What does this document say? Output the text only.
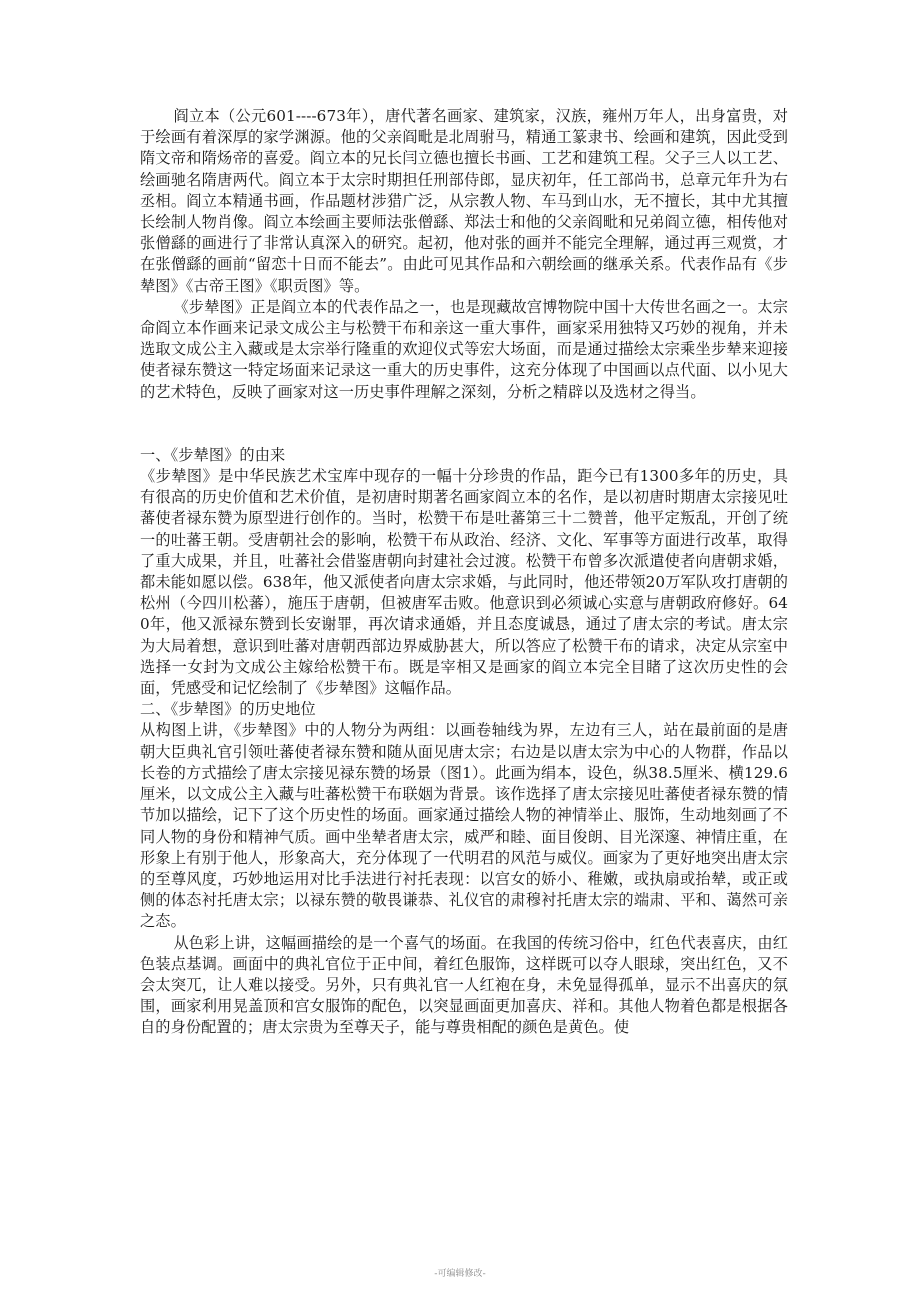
阎立本（公元601----673年），唐代著名画家、建筑家，汉族，雍州万年人，出身富贵，对于绘画有着深厚的家学渊源。他的父亲阎毗是北周驸马，精通工篆隶书、绘画和建筑，因此受到隋文帝和隋炀帝的喜爱。阎立本的兄长闫立德也擅长书画、工艺和建筑工程。父子三人以工艺、绘画驰名隋唐两代。阎立本于太宗时期担任刑部侍郎，显庆初年，任工部尚书，总章元年升为右丞相。阎立本精通书画，作品题材涉猎广泛，从宗教人物、车马到山水，无不擅长，其中尤其擅长绘制人物肖像。阎立本绘画主要师法张僧繇、郑法士和他的父亲阎毗和兄弟阎立德，相传他对张僧繇的画进行了非常认真深入的研究。起初，他对张的画并不能完全理解，通过再三观赏，才在张僧繇的画前“留恋十日而不能去”。由此可见其作品和六朝绘画的继承关系。代表作品有《步辇图》《古帝王图》《职贡图》等。

《步辇图》正是阎立本的代表作品之一，也是现藏故宫博物院中国十大传世名画之一。太宗命阎立本作画来记录文成公主与松赞干布和亲这一重大事件，画家采用独特又巧妙的视角，并未选取文成公主入藏或是太宗举行隆重的欢迎仪式等宏大场面，而是通过描绘太宗乘坐步辇来迎接使者禄东赞这一特定场面来记录这一重大的历史事件，这充分体现了中国画以点代面、以小见大的艺术特色，反映了画家对这一历史事件理解之深刻，分析之精辟以及选材之得当。

一、《步辇图》的由来

《步辇图》是中华民族艺术宝库中现存的一幅十分珍贵的作品，距今已有1300多年的历史，具有很高的历史价值和艺术价值，是初唐时期著名画家阎立本的名作，是以初唐时期唐太宗接见吐蕃使者禄东赞为原型进行创作的。当时，松赞干布是吐蕃第三十二赞普，他平定叛乱，开创了统一的吐蕃王朝。受唐朝社会的影响，松赞干布从政治、经济、文化、军事等方面进行改革，取得了重大成果，并且，吐蕃社会借鉴唐朝向封建社会过渡。松赞干布曾多次派遣使者向唐朝求婚，都未能如愿以偿。638年，他又派使者向唐太宗求婚，与此同时，他还带领20万军队攻打唐朝的松州（今四川松蕃），施压于唐朝，但被唐军击败。他意识到必须诚心实意与唐朝政府修好。640年，他又派禄东赞到长安谢罪，再次请求通婚，并且态度诚恳，通过了唐太宗的考试。唐太宗为大局着想，意识到吐蕃对唐朝西部边界威胁甚大，所以答应了松赞干布的请求，决定从宗室中选择一女封为文成公主嫁给松赞干布。既是宰相又是画家的阎立本完全目睹了这次历史性的会面，凭感受和记忆绘制了《步辇图》这幅作品。

二、《步辇图》的历史地位

从构图上讲，《步辇图》中的人物分为两组：以画卷轴线为界，左边有三人，站在最前面的是唐朝大臣典礼官引领吐蕃使者禄东赞和随从面见唐太宗；右边是以唐太宗为中心的人物群，作品以长卷的方式描绘了唐太宗接见禄东赞的场景（图1）。此画为绢本，设色，纵38.5厘米、横129.6厘米，以文成公主入藏与吐蕃松赞干布联姻为背景。该作选择了唐太宗接见吐蕃使者禄东赞的情节加以描绘，记下了这个历史性的场面。画家通过描绘人物的神情举止、服饰，生动地刻画了不同人物的身份和精神气质。画中坐辇者唐太宗，威严和睦、面目俊朗、目光深邃、神情庄重，在形象上有别于他人，形象高大，充分体现了一代明君的风范与威仪。画家为了更好地突出唐太宗的至尊风度，巧妙地运用对比手法进行衬托表现：以宫女的娇小、稚嫩，或执扇或抬辇，或正或侧的体态衬托唐太宗；以禄东赞的敬畏谦恭、礼仪官的肃穆衬托唐太宗的端肃、平和、蔼然可亲之态。

从色彩上讲，这幅画描绘的是一个喜气的场面。在我国的传统习俗中，红色代表喜庆，由红色装点基调。画面中的典礼官位于正中间，着红色服饰，这样既可以夺人眼球，突出红色，又不会太突兀，让人难以接受。另外，只有典礼官一人红袍在身，未免显得孤单，显示不出喜庆的氛围，画家利用晃盖顶和宫女服饰的配色，以突显画面更加喜庆、祥和。其他人物着色都是根据各自的身份配置的；唐太宗贵为至尊天子，能与尊贵相配的颜色是黄色。使

-可编辑修改-
